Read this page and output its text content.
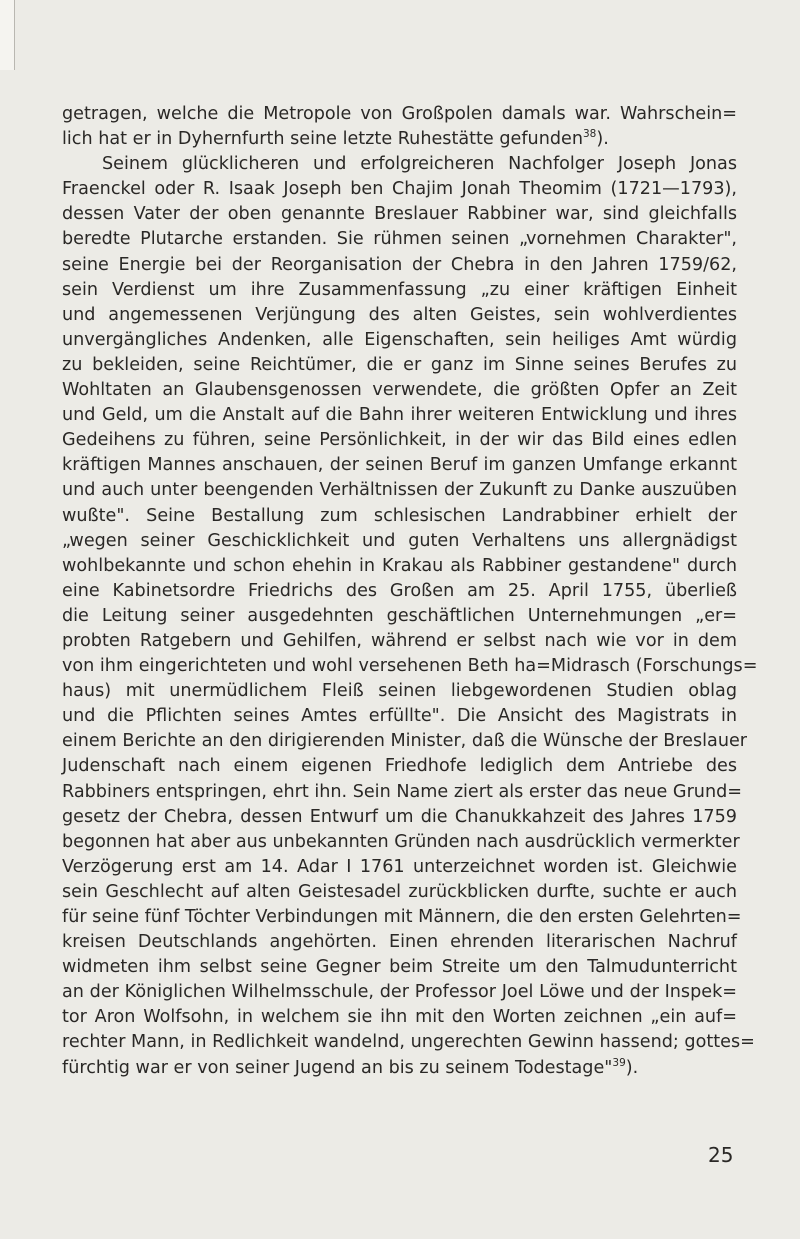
getragen, welche die Metropole von Großpolen damals war. Wahrschein=
lich hat er in Dyhernfurth seine letzte Ruhestätte gefunden$^{38}$).
Seinem glücklicheren und erfolgreicheren Nachfolger Joseph Jonas
Fraenckel oder R. Isaak Joseph ben Chajim Jonah Theomim (1721—1793),
dessen Vater der oben genannte Breslauer Rabbiner war, sind gleichfalls
beredte Plutarche erstanden. Sie rühmen seinen „vornehmen Charakter",
seine Energie bei der Reorganisation der Chebra in den Jahren 1759/62,
sein Verdienst um ihre Zusammenfassung „zu einer kräftigen Einheit
und angemessenen Verjüngung des alten Geistes, sein wohlverdientes
unvergängliches Andenken, alle Eigenschaften, sein heiliges Amt würdig
zu bekleiden, seine Reichtümer, die er ganz im Sinne seines Berufes zu
Wohltaten an Glaubensgenossen verwendete, die größten Opfer an Zeit
und Geld, um die Anstalt auf die Bahn ihrer weiteren Entwicklung und ihres
Gedeihens zu führen, seine Persönlichkeit, in der wir das Bild eines edlen
kräftigen Mannes anschauen, der seinen Beruf im ganzen Umfange erkannt
und auch unter beengenden Verhältnissen der Zukunft zu Danke auszuüben
wußte". Seine Bestallung zum schlesischen Landrabbiner erhielt der
„wegen seiner Geschicklichkeit und guten Verhaltens uns allergnädigst
wohlbekannte und schon ehehin in Krakau als Rabbiner gestandene" durch
eine Kabinetsordre Friedrichs des Großen am 25. April 1755, überließ
die Leitung seiner ausgedehnten geschäftlichen Unternehmungen „er=
probten Ratgebern und Gehilfen, während er selbst nach wie vor in dem
von ihm eingerichteten und wohl versehenen Beth ha=Midrasch (Forschungs=
haus) mit unermüdlichem Fleiß seinen liebgewordenen Studien oblag
und die Pflichten seines Amtes erfüllte". Die Ansicht des Magistrats in
einem Berichte an den dirigierenden Minister, daß die Wünsche der Breslauer
Judenschaft nach einem eigenen Friedhofe lediglich dem Antriebe des
Rabbiners entspringen, ehrt ihn. Sein Name ziert als erster das neue Grund=
gesetz der Chebra, dessen Entwurf um die Chanukkahzeit des Jahres 1759
begonnen hat aber aus unbekannten Gründen nach ausdrücklich vermerkter
Verzögerung erst am 14. Adar I 1761 unterzeichnet worden ist. Gleichwie
sein Geschlecht auf alten Geistesadel zurückblicken durfte, suchte er auch
für seine fünf Töchter Verbindungen mit Männern, die den ersten Gelehrten=
kreisen Deutschlands angehörten. Einen ehrenden literarischen Nachruf
widmeten ihm selbst seine Gegner beim Streite um den Talmudunterricht
an der Königlichen Wilhelmsschule, der Professor Joel Löwe und der Inspek=
tor Aron Wolfsohn, in welchem sie ihn mit den Worten zeichnen „ein auf=
rechter Mann, in Redlichkeit wandelnd, ungerechten Gewinn hassend; gottes=
fürchtig war er von seiner Jugend an bis zu seinem Todestage"$^{39}$).
25
